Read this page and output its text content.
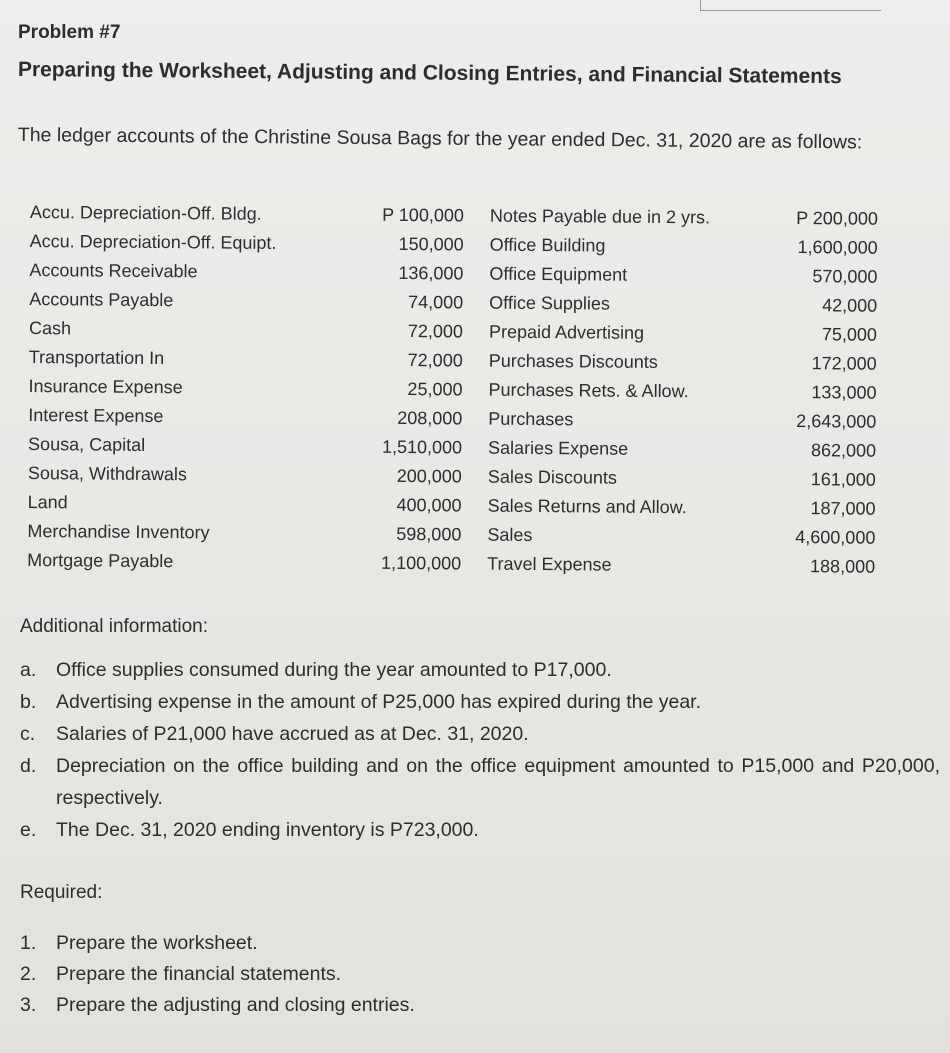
Problem #7
Preparing the Worksheet, Adjusting and Closing Entries, and Financial Statements
The ledger accounts of the Christine Sousa Bags for the year ended Dec. 31, 2020 are as follows:
Accu. Depreciation-Off. Bldg.	P 100,000 Notes Payable due in 2 yrs.	P 200,000
Accu. Depreciation-Off. Equipt.	150,000 Office Building	1,600,000
Accounts Receivable	136,000 Office Equipment	570,000
Accounts Payable	74,000 Office Supplies	42,000
Cash	72,000 Prepaid Advertising	75,000
Transportation In	72,000 Purchases Discounts	172,000
Insurance Expense	25,000 Purchases Rets. & Allow.	133,000
Interest Expense	208,000 Purchases	2,643,000
Sousa, Capital	1,510,000 Salaries Expense	862,000
Sousa, Withdrawals	200,000 Sales Discounts	161,000
Land	400,000 Sales Returns and Allow.	187,000
Merchandise Inventory	598,000 Sales	4,600,000
Mortgage Payable	1,100,000 Travel Expense	188,000
Additional information:
a. Office supplies consumed during the year amounted to P17,000.
b. Advertising expense in the amount of P25,000 has expired during the year.
c. Salaries of P21,000 have accrued as at Dec. 31, 2020.
d. Depreciation on the office building and on the office equipment amounted to P15,000 and P20,000, respectively.
e. The Dec. 31, 2020 ending inventory is P723,000.
Required:
1. Prepare the worksheet.
2. Prepare the financial statements.
3. Prepare the adjusting and closing entries.
